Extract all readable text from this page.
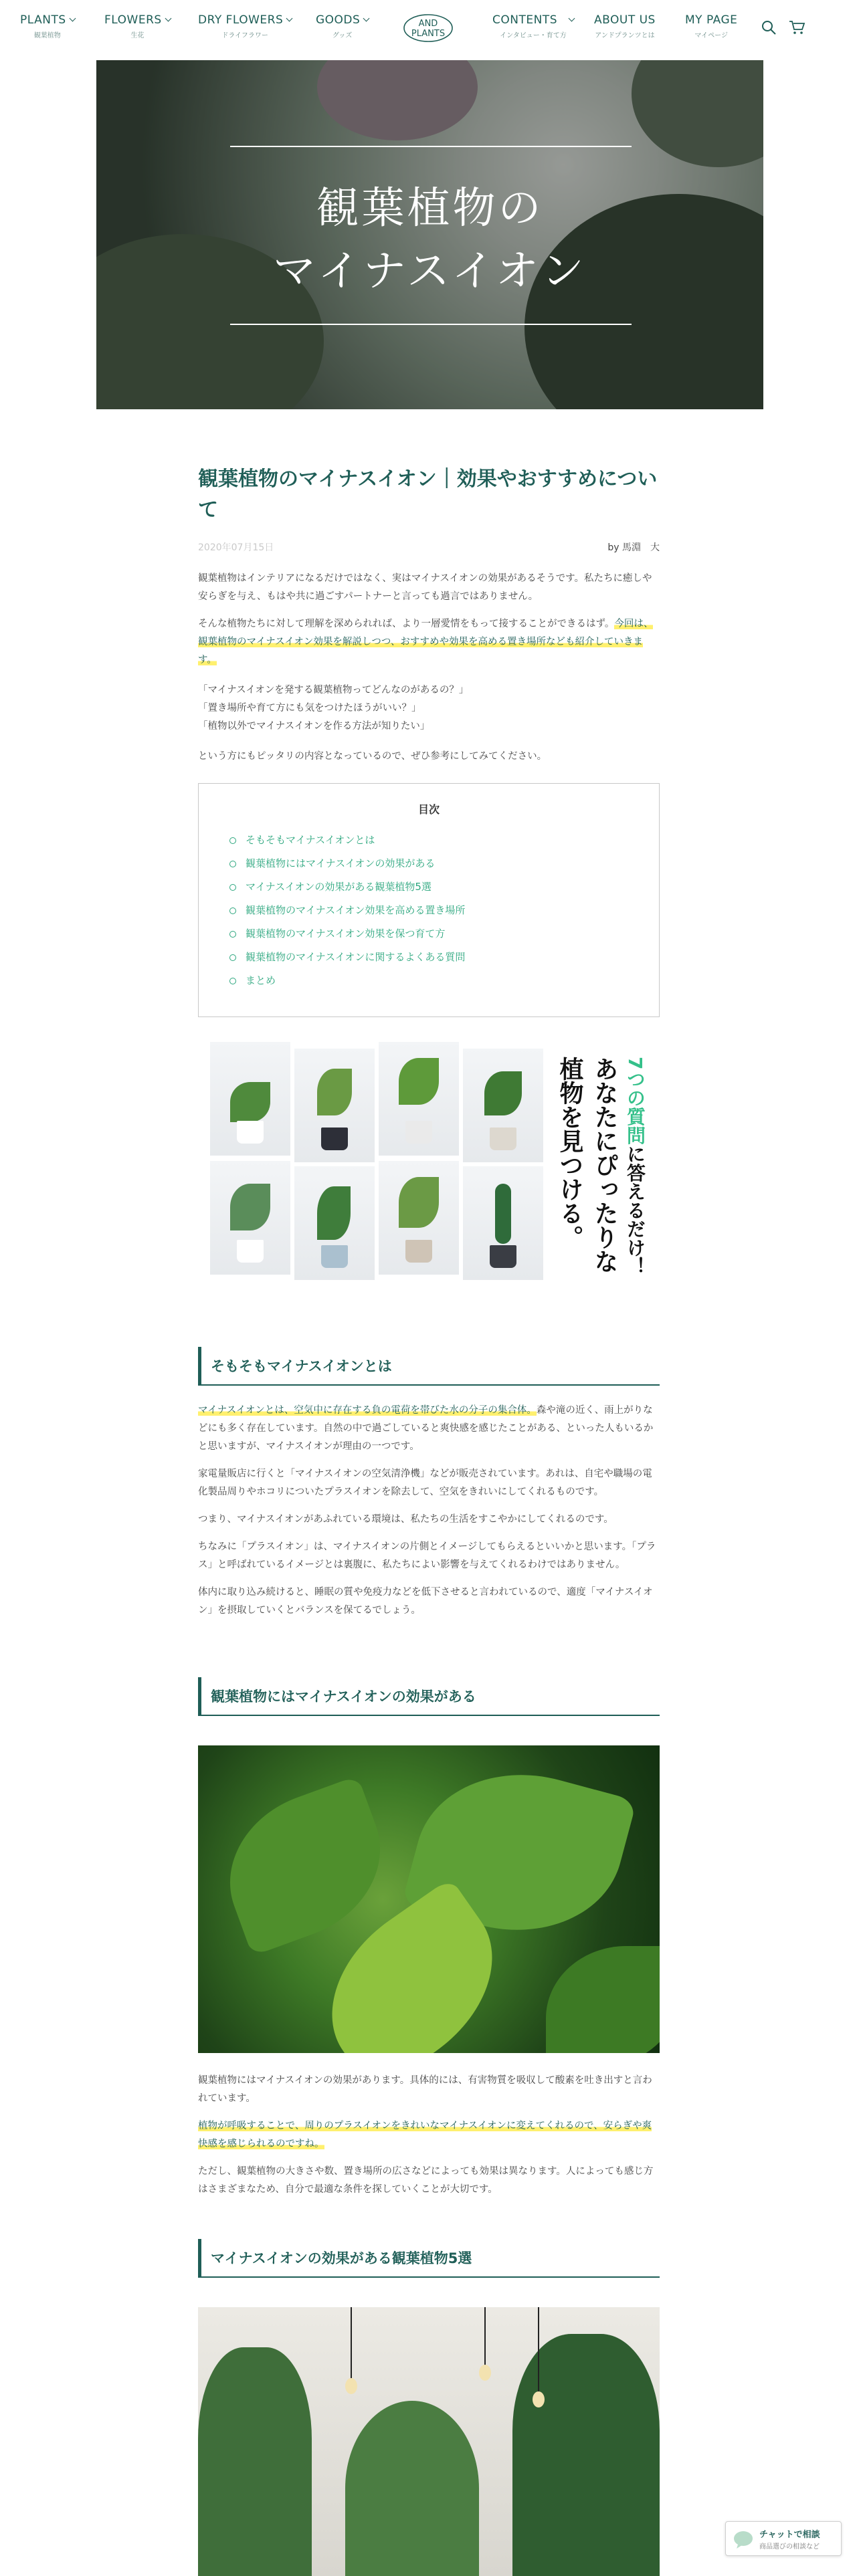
PLANTS
観葉植物
FLOWERS
生花
DRY FLOWERS
ドライフラワー
GOODS
グッズ
AND
PLANTS
CONTENTS
インタビュー・育て方
ABOUT US
アンドプランツとは
MY PAGE
マイページ
観葉植物の
マイナスイオン
観葉植物のマイナスイオン｜効果やおすすめについて
2020年07月15日	by 馬淵　大

観葉植物はインテリアになるだけではなく、実はマイナスイオンの効果があるそうです。私たちに癒しや安らぎを与え、もはや共に過ごすパートナーと言っても過言ではありません。

そんな植物たちに対して理解を深められれば、より一層愛情をもって接することができるはず。今回は、観葉植物のマイナスイオン効果を解説しつつ、おすすめや効果を高める置き場所なども紹介していきます。

「マイナスイオンを発する観葉植物ってどんなのがあるの？」

「置き場所や育て方にも気をつけたほうがいい？」

「植物以外でマイナスイオンを作る方法が知りたい」

という方にもピッタリの内容となっているので、ぜひ参考にしてみてください。

目次
そもそもマイナスイオンとは
観葉植物にはマイナスイオンの効果がある
マイナスイオンの効果がある観葉植物5選
観葉植物のマイナスイオン効果を高める置き場所
観葉植物のマイナスイオン効果を保つ育て方
観葉植物のマイナスイオンに関するよくある質問
まとめ
7つの質問に答えるだけ！
あなたにぴったりな
植物を見つける。
そもそもマイナスイオンとは

マイナスイオンとは、空気中に存在する負の電荷を帯びた水の分子の集合体。森や滝の近く、雨上がりなどにも多く存在しています。自然の中で過ごしていると爽快感を感じたことがある、といった人もいるかと思いますが、マイナスイオンが理由の一つです。

家電量販店に行くと「マイナスイオンの空気清浄機」などが販売されています。あれは、自宅や職場の電化製品周りやホコリについたプラスイオンを除去して、空気をきれいにしてくれるものです。

つまり、マイナスイオンがあふれている環境は、私たちの生活をすこやかにしてくれるのです。

ちなみに「プラスイオン」は、マイナスイオンの片側とイメージしてもらえるといいかと思います。「プラス」と呼ばれているイメージとは裏腹に、私たちによい影響を与えてくれるわけではありません。

体内に取り込み続けると、睡眠の質や免疫力などを低下させると言われているので、適度「マイナスイオン」を摂取していくとバランスを保てるでしょう。

観葉植物にはマイナスイオンの効果がある

観葉植物にはマイナスイオンの効果があります。具体的には、有害物質を吸収して酸素を吐き出すと言われています。

植物が呼吸することで、周りのプラスイオンをきれいなマイナスイオンに変えてくれるので、安らぎや爽快感を感じられるのですね。

ただし、観葉植物の大きさや数、置き場所の広さなどによっても効果は異なります。人によっても感じ方はさまざまなため、自分で最適な条件を探していくことが大切です。

マイナスイオンの効果がある観葉植物5選
チャットで相談
商品選びの相談など
